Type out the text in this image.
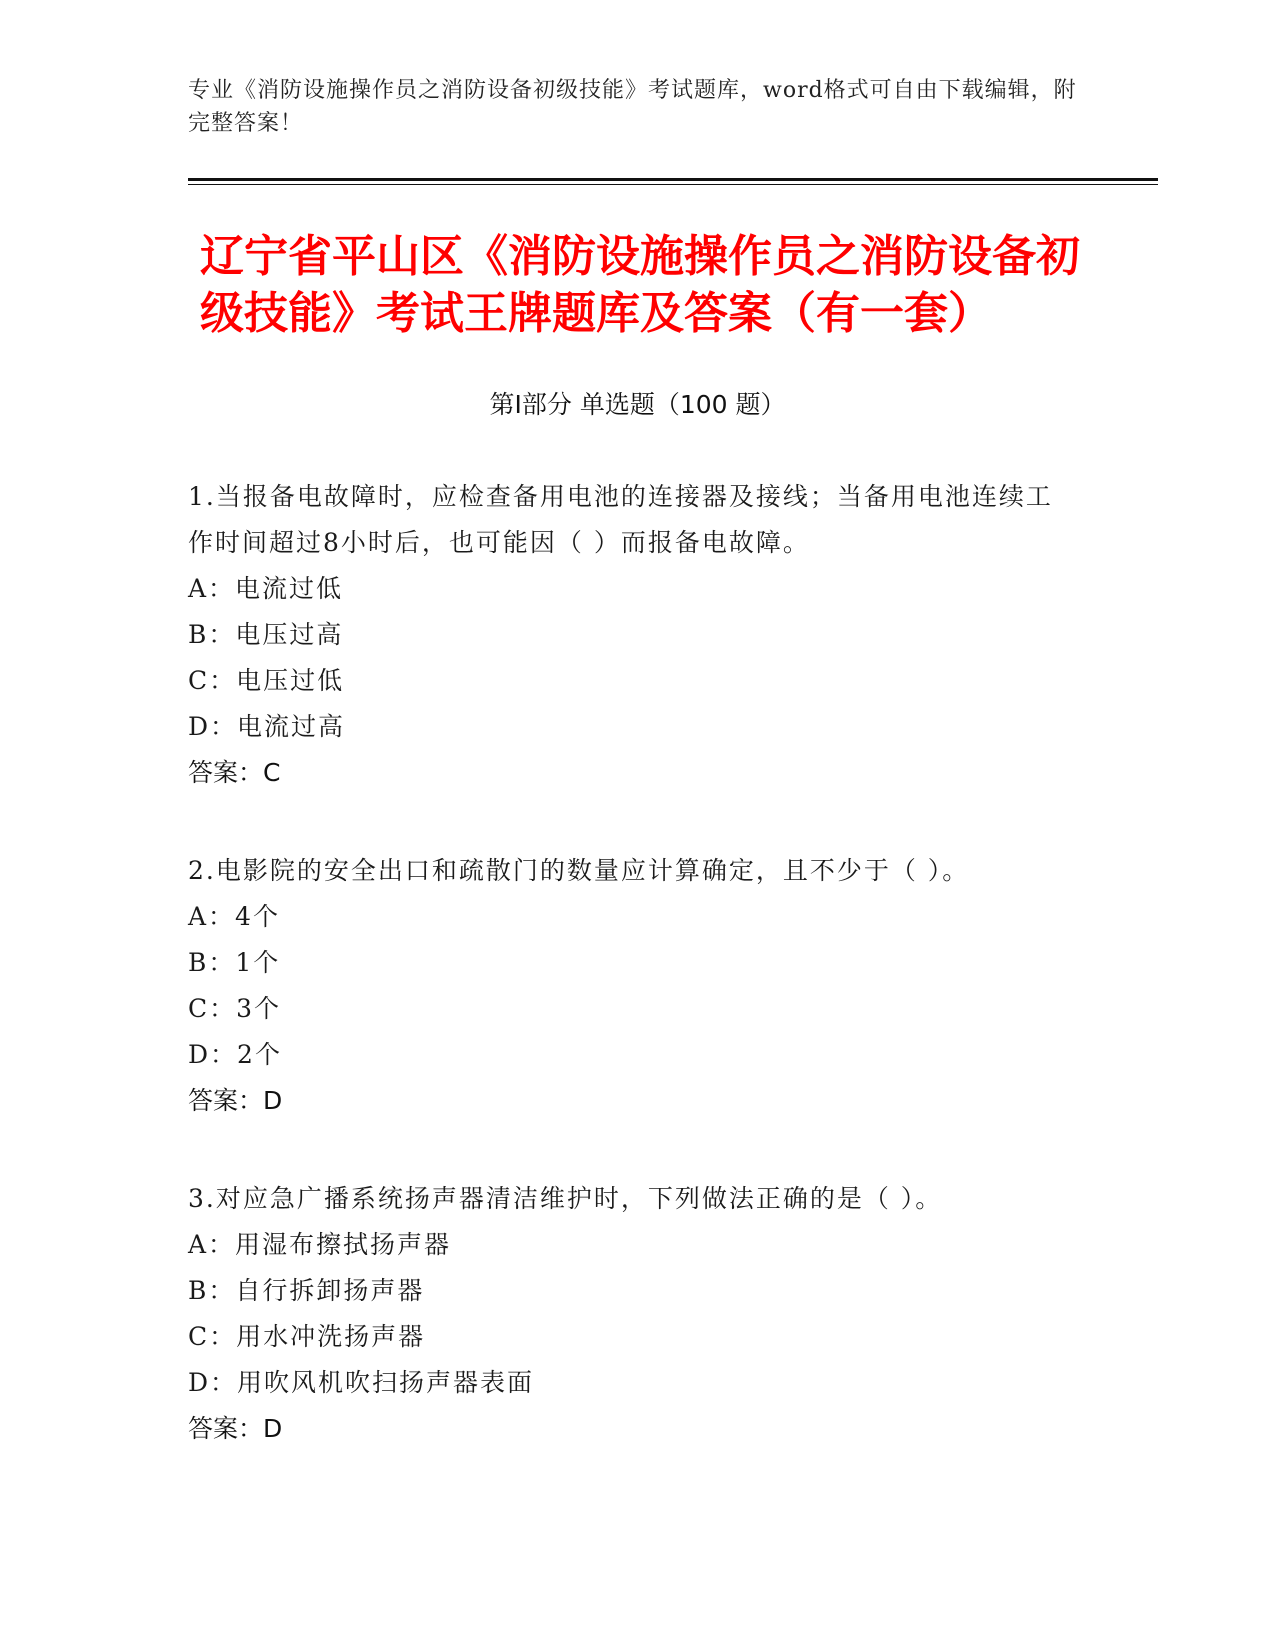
专业《消防设施操作员之消防设备初级技能》考试题库，word格式可自由下载编辑，附完整答案！
辽宁省平山区《消防设施操作员之消防设备初级技能》考试王牌题库及答案（有一套）
第Ⅰ部分 单选题（100 题）

1.当报备电故障时，应检查备用电池的连接器及接线；当备用电池连续工作时间超过8小时后，也可能因（ ）而报备电故障。

A：电流过低

B：电压过高

C：电压过低

D：电流过高

答案：C

2.电影院的安全出口和疏散门的数量应计算确定，且不少于（ ）。

A：4个

B：1个

C：3个

D：2个

答案：D

3.对应急广播系统扬声器清洁维护时，下列做法正确的是（ ）。

A：用湿布擦拭扬声器

B：自行拆卸扬声器

C：用水冲洗扬声器

D：用吹风机吹扫扬声器表面

答案：D
